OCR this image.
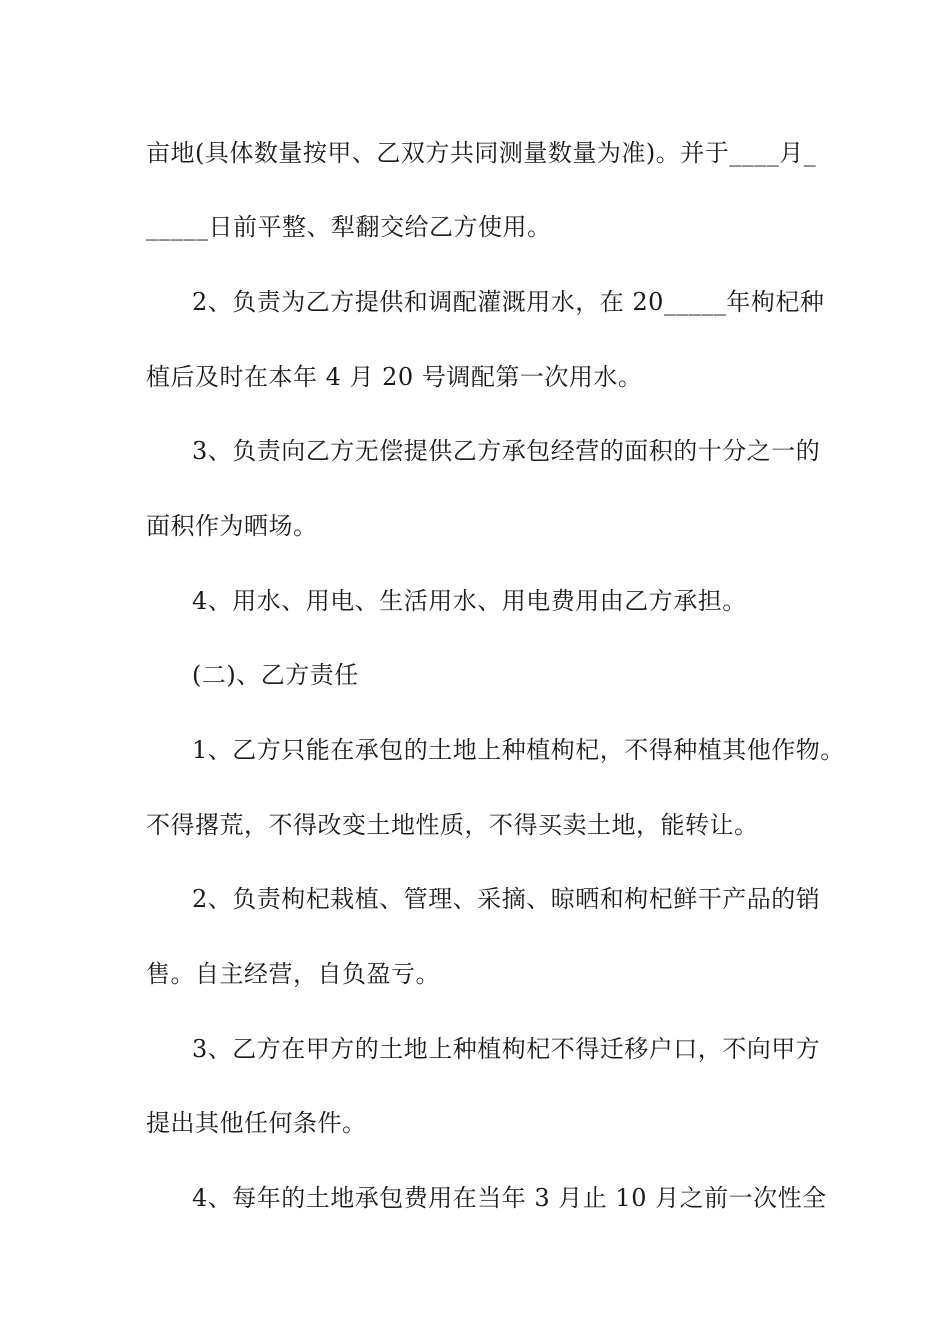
亩地(具体数量按甲、乙双方共同测量数量为准)。并于____月_
_____日前平整、犁翻交给乙方使用。
2、负责为乙方提供和调配灌溉用水，在 20_____年枸杞种
植后及时在本年 4 月 20 号调配第一次用水。
3、负责向乙方无偿提供乙方承包经营的面积的十分之一的
面积作为晒场。
4、用水、用电、生活用水、用电费用由乙方承担。
(二)、乙方责任
1、乙方只能在承包的土地上种植枸杞，不得种植其他作物。
不得撂荒，不得改变土地性质，不得买卖土地，能转让。
2、负责枸杞栽植、管理、采摘、晾晒和枸杞鲜干产品的销
售。自主经营，自负盈亏。
3、乙方在甲方的土地上种植枸杞不得迁移户口，不向甲方
提出其他任何条件。
4、每年的土地承包费用在当年 3 月止 10 月之前一次性全
